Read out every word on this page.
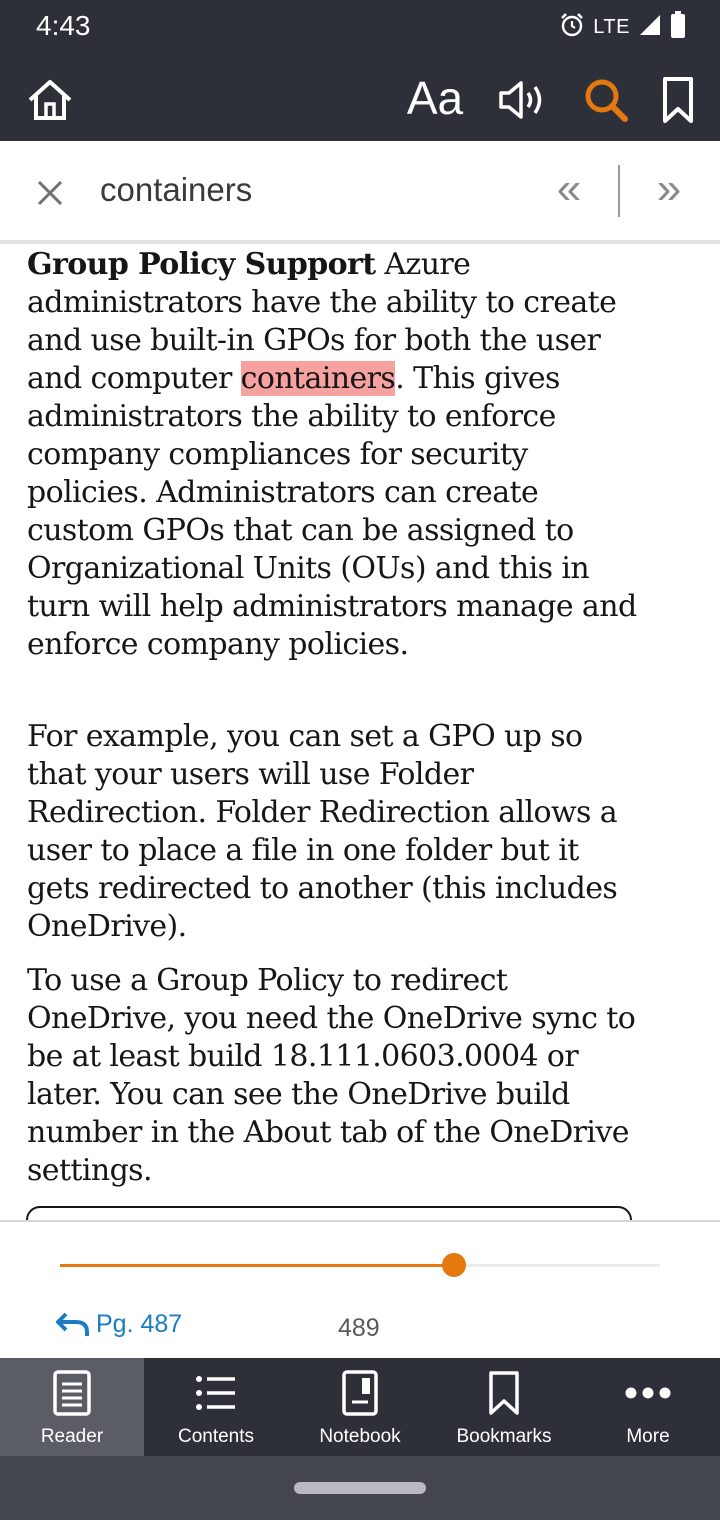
4:43	LTE
Aa
containers	« »

Group Policy Support Azure administrators have the ability to create and use built-in GPOs for both the user and computer containers. This gives administrators the ability to enforce company compliances for security policies. Administrators can create custom GPOs that can be assigned to Organizational Units (OUs) and this in turn will help administrators manage and enforce company policies.

For example, you can set a GPO up so that your users will use Folder Redirection. Folder Redirection allows a user to place a file in one folder but it gets redirected to another (this includes OneDrive).

To use a Group Policy to redirect OneDrive, you need the OneDrive sync to be at least build 18.111.0603.0004 or later. You can see the OneDrive build number in the About tab of the OneDrive settings.

Pg. 487	489
Reader	Contents	Notebook	Bookmarks	More
